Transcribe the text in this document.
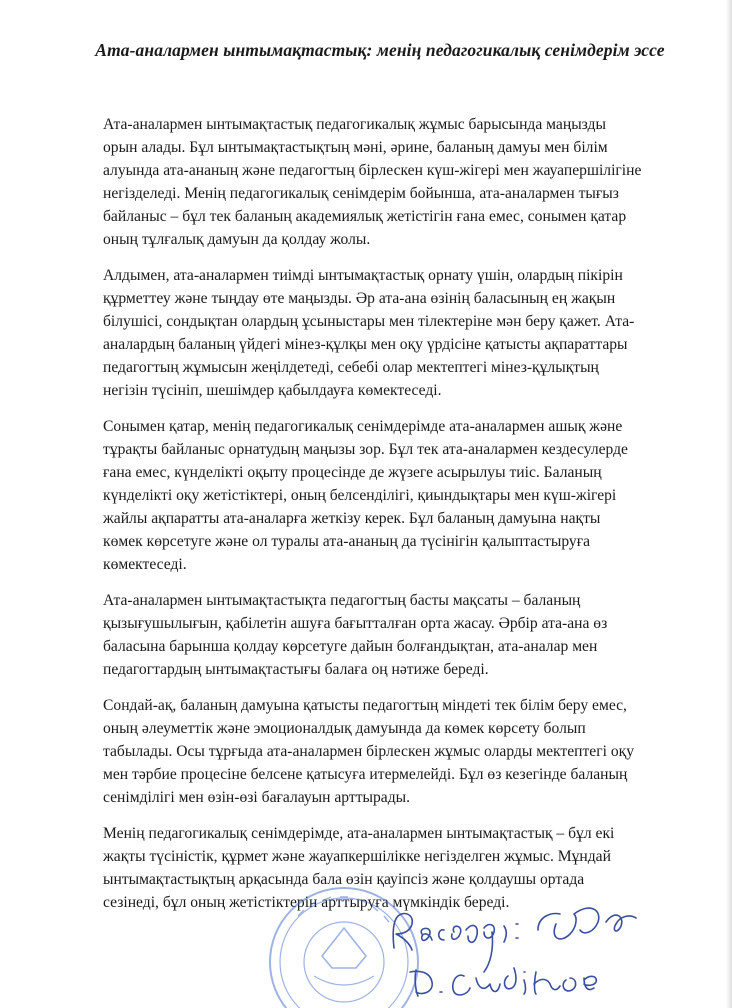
Ата-аналармен ынтымақтастық: менің педагогикалық сенімдерім эссе

Ата-аналармен ынтымақтастық педагогикалық жұмыс барысында маңызды орын алады. Бұл ынтымақтастықтың мәні, әрине, баланың дамуы мен білім алуында ата-ананың және педагогтың бірлескен күш-жігері мен жауапершілігіне негізделеді. Менің педагогикалық сенімдерім бойынша, ата-аналармен тығыз байланыс – бұл тек баланың академиялық жетістігін ғана емес, сонымен қатар оның тұлғалық дамуын да қолдау жолы.

Алдымен, ата-аналармен тиімді ынтымақтастық орнату үшін, олардың пікірін құрметтеу және тыңдау өте маңызды. Әр ата-ана өзінің баласының ең жақын білушісі, сондықтан олардың ұсыныстары мен тілектеріне мән беру қажет. Ата-аналардың баланың үйдегі мінез-құлқы мен оқу үрдісіне қатысты ақпараттары педагогтың жұмысын жеңілдетеді, себебі олар мектептегі мінез-құлықтың негізін түсініп, шешімдер қабылдауға көмектеседі.

Сонымен қатар, менің педагогикалық сенімдерімде ата-аналармен ашық және тұрақты байланыс орнатудың маңызы зор. Бұл тек ата-аналармен кездесулерде ғана емес, күнделікті оқыту процесінде де жүзеге асырылуы тиіс. Баланың күнделікті оқу жетістіктері, оның белсенділігі, қиындықтары мен күш-жігері жайлы ақпаратты ата-аналарға жеткізу керек. Бұл баланың дамуына нақты көмек көрсетуге және ол туралы ата-ананың да түсінігін қалыптастыруға көмектеседі.

Ата-аналармен ынтымақтастықта педагогтың басты мақсаты – баланың қызығушылығын, қабілетін ашуға бағытталған орта жасау. Әрбір ата-ана өз баласына барынша қолдау көрсетуге дайын болғандықтан, ата-аналар мен педагогтардың ынтымақтастығы балаға оң нәтиже береді.

Сондай-ақ, баланың дамуына қатысты педагогтың міндеті тек білім беру емес, оның әлеуметтік және эмоционалдық дамуында да көмек көрсету болып табылады. Осы тұрғыда ата-аналармен бірлескен жұмыс оларды мектептегі оқу мен тәрбие процесіне белсене қатысуға итермелейді. Бұл өз кезегінде баланың сенімділігі мен өзін-өзі бағалауын арттырады.

Менің педагогикалық сенімдерімде, ата-аналармен ынтымақтастық – бұл екі жақты түсіністік, құрмет және жауапкершілікке негізделген жұмыс. Мұндай ынтымақтастықтың арқасында бала өзін қауіпсіз және қолдаушы ортада сезінеді, бұл оның жетістіктерін арттыруға мүмкіндік береді.
